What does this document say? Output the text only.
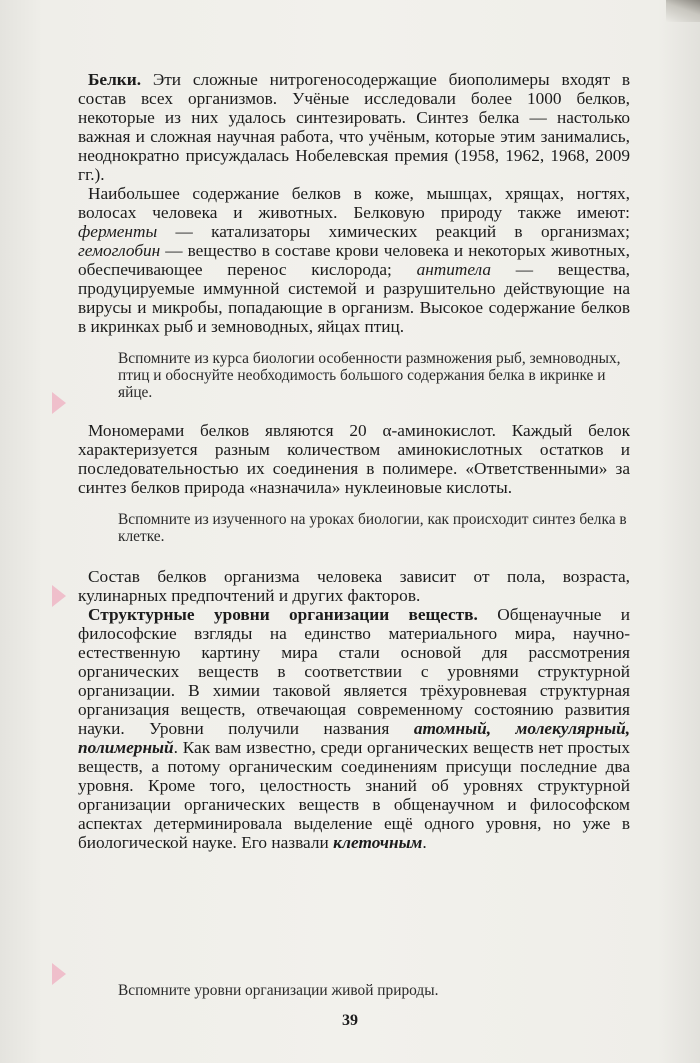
Белки. Эти сложные нитрогеносодержащие биополимеры входят в состав всех организмов. Учёные исследовали более 1000 белков, некоторые из них удалось синтезировать. Синтез белка — настолько важная и сложная научная работа, что учёным, которые этим занимались, неоднократно присуждалась Нобелевская премия (1958, 1962, 1968, 2009 гг.).

Наибольшее содержание белков в коже, мышцах, хрящах, ногтях, волосах человека и животных. Белковую природу также имеют: ферменты — катализаторы химических реакций в организмах; гемоглобин — вещество в составе крови человека и некоторых животных, обеспечивающее перенос кислорода; антитела — вещества, продуцируемые иммунной системой и разрушительно действующие на вирусы и микробы, попадающие в организм. Высокое содержание белков в икринках рыб и земноводных, яйцах птиц.

Вспомните из курса биологии особенности размножения рыб, земноводных, птиц и обоснуйте необходимость большого содержания белка в икринке и яйце.

Мономерами белков являются 20 α-аминокислот. Каждый белок характеризуется разным количеством аминокислотных остатков и последовательностью их соединения в полимере. «Ответственными» за синтез белков природа «назначила» нуклеиновые кислоты.

Вспомните из изученного на уроках биологии, как происходит синтез белка в клетке.

Состав белков организма человека зависит от пола, возраста, кулинарных предпочтений и других факторов.

Структурные уровни организации веществ. Общенаучные и философские взгляды на единство материального мира, научно-естественную картину мира стали основой для рассмотрения органических веществ в соответствии с уровнями структурной организации. В химии таковой является трёхуровневая структурная организация веществ, отвечающая современному состоянию развития науки. Уровни получили названия атомный, молекулярный, полимерный. Как вам известно, среди органических веществ нет простых веществ, а потому органическим соединениям присущи последние два уровня. Кроме того, целостность знаний об уровнях структурной организации органических веществ в общенаучном и философском аспектах детерминировала выделение ещё одного уровня, но уже в биологической науке. Его назвали клеточным.

Вспомните уровни организации живой природы.
39
